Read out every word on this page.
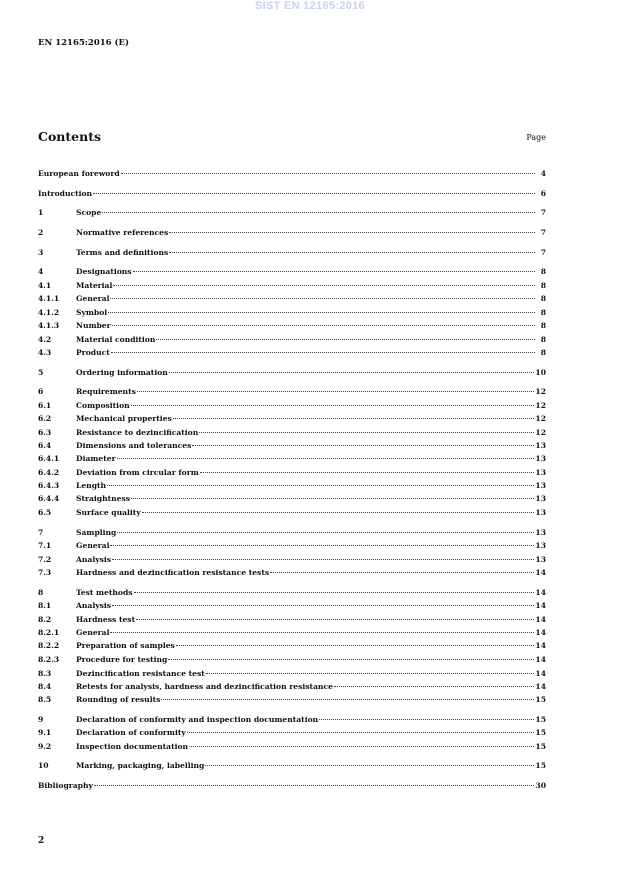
SIST EN 12165:2016
EN 12165:2016 (E)
Contents	Page
European foreword	4
Introduction	6
1	Scope	7
2	Normative references	7
3	Terms and definitions	7
4	Designations	8
4.1	Material	8
4.1.1	General	8
4.1.2	Symbol	8
4.1.3	Number	8
4.2	Material condition	8
4.3	Product	8
5	Ordering information	10
6	Requirements	12
6.1	Composition	12
6.2	Mechanical properties	12
6.3	Resistance to dezincification	12
6.4	Dimensions and tolerances	13
6.4.1	Diameter	13
6.4.2	Deviation from circular form	13
6.4.3	Length	13
6.4.4	Straightness	13
6.5	Surface quality	13
7	Sampling	13
7.1	General	13
7.2	Analysis	13
7.3	Hardness and dezincification resistance tests	14
8	Test methods	14
8.1	Analysis	14
8.2	Hardness test	14
8.2.1	General	14
8.2.2	Preparation of samples	14
8.2.3	Procedure for testing	14
8.3	Dezincification resistance test	14
8.4	Retests for analysis, hardness and dezincification resistance	14
8.5	Rounding of results	15
9	Declaration of conformity and inspection documentation	15
9.1	Declaration of conformity	15
9.2	Inspection documentation	15
10	Marking, packaging, labelling	15
Bibliography	30
2
